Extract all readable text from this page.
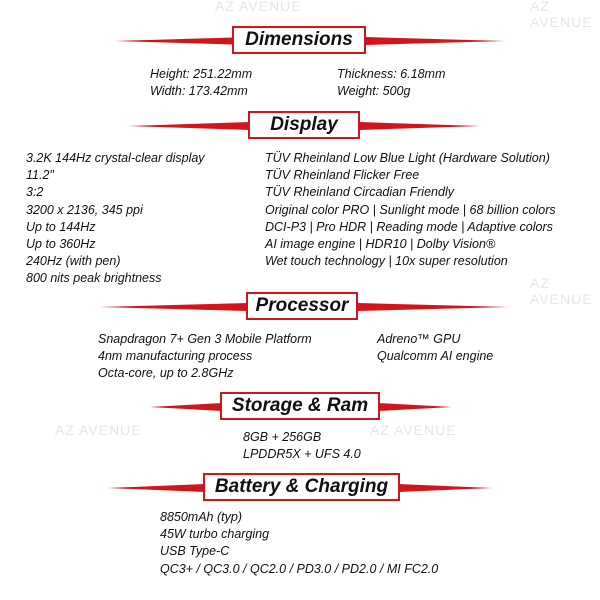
AZ AVENUE	AZ AVENUE
AZ AVENUE	AZ AVENUE
AZ AVENUE
Dimensions
Height: 251.22mm
Width: 173.42mm
Thickness: 6.18mm
Weight: 500g
Display
3.2K 144Hz crystal-clear display
11.2"
3:2
3200 x 2136, 345 ppi
Up to 144Hz
Up to 360Hz
240Hz (with pen)
800 nits peak brightness
TÜV Rheinland Low Blue Light (Hardware Solution)
TÜV Rheinland Flicker Free
TÜV Rheinland Circadian Friendly
Original color PRO | Sunlight mode | 68 billion colors
DCI-P3 | Pro HDR | Reading mode | Adaptive colors
AI image engine | HDR10 | Dolby Vision®
Wet touch technology | 10x super resolution
Processor
Snapdragon 7+ Gen 3 Mobile Platform
4nm manufacturing process
Octa-core, up to 2.8GHz
Adreno™ GPU
Qualcomm AI engine
Storage & Ram
8GB + 256GB
LPDDR5X + UFS 4.0
Battery & Charging
8850mAh (typ)
45W turbo charging
USB Type-C
QC3+ / QC3.0 / QC2.0 / PD3.0 / PD2.0 / MI FC2.0
